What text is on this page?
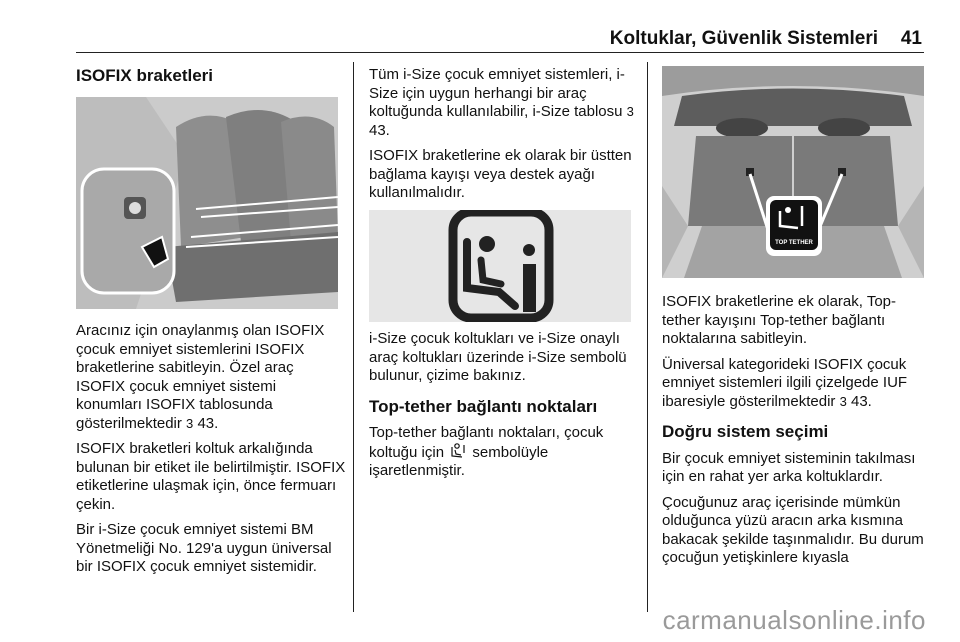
Koltuklar, Güvenlik Sistemleri 41
ISOFIX braketleri

Aracınız için onaylanmış olan ISOFIX çocuk emniyet sistemlerini ISOFIX braketlerine sabitleyin. Özel araç ISOFIX çocuk emniyet sistemi konumları ISOFIX tablosunda gösterilmektedir 3 43.

ISOFIX braketleri koltuk arkalığında bulunan bir etiket ile belirtilmiştir. ISOFIX etiketlerine ulaşmak için, önce fermuarı çekin.

Bir i-Size çocuk emniyet sistemi BM Yönetmeliği No. 129'a uygun üniversal bir ISOFIX çocuk emniyet sistemidir.

Tüm i-Size çocuk emniyet sistemleri, i-Size için uygun herhangi bir araç koltuğunda kullanılabilir, i-Size tablosu 3 43.

ISOFIX braketlerine ek olarak bir üstten bağlama kayışı veya destek ayağı kullanılmalıdır.

i-Size çocuk koltukları ve i-Size onaylı araç koltukları üzerinde i-Size sembolü bulunur, çizime bakınız.

Top-tether bağlantı noktaları

Top-tether bağlantı noktaları, çocuk koltuğu için sembolüyle işaretlenmiştir.

TOP TETHER

ISOFIX braketlerine ek olarak, Top-tether kayışını Top-tether bağlantı noktalarına sabitleyin.

Üniversal kategorideki ISOFIX çocuk emniyet sistemleri ilgili çizelgede IUF ibaresiyle gösterilmektedir 3 43.

Doğru sistem seçimi

Bir çocuk emniyet sisteminin takılması için en rahat yer arka koltuklardır.

Çocuğunuz araç içerisinde mümkün olduğunca yüzü aracın arka kısmına bakacak şekilde taşınmalıdır. Bu durum çocuğun yetişkinlere kıyasla

carmanualsonline.info
